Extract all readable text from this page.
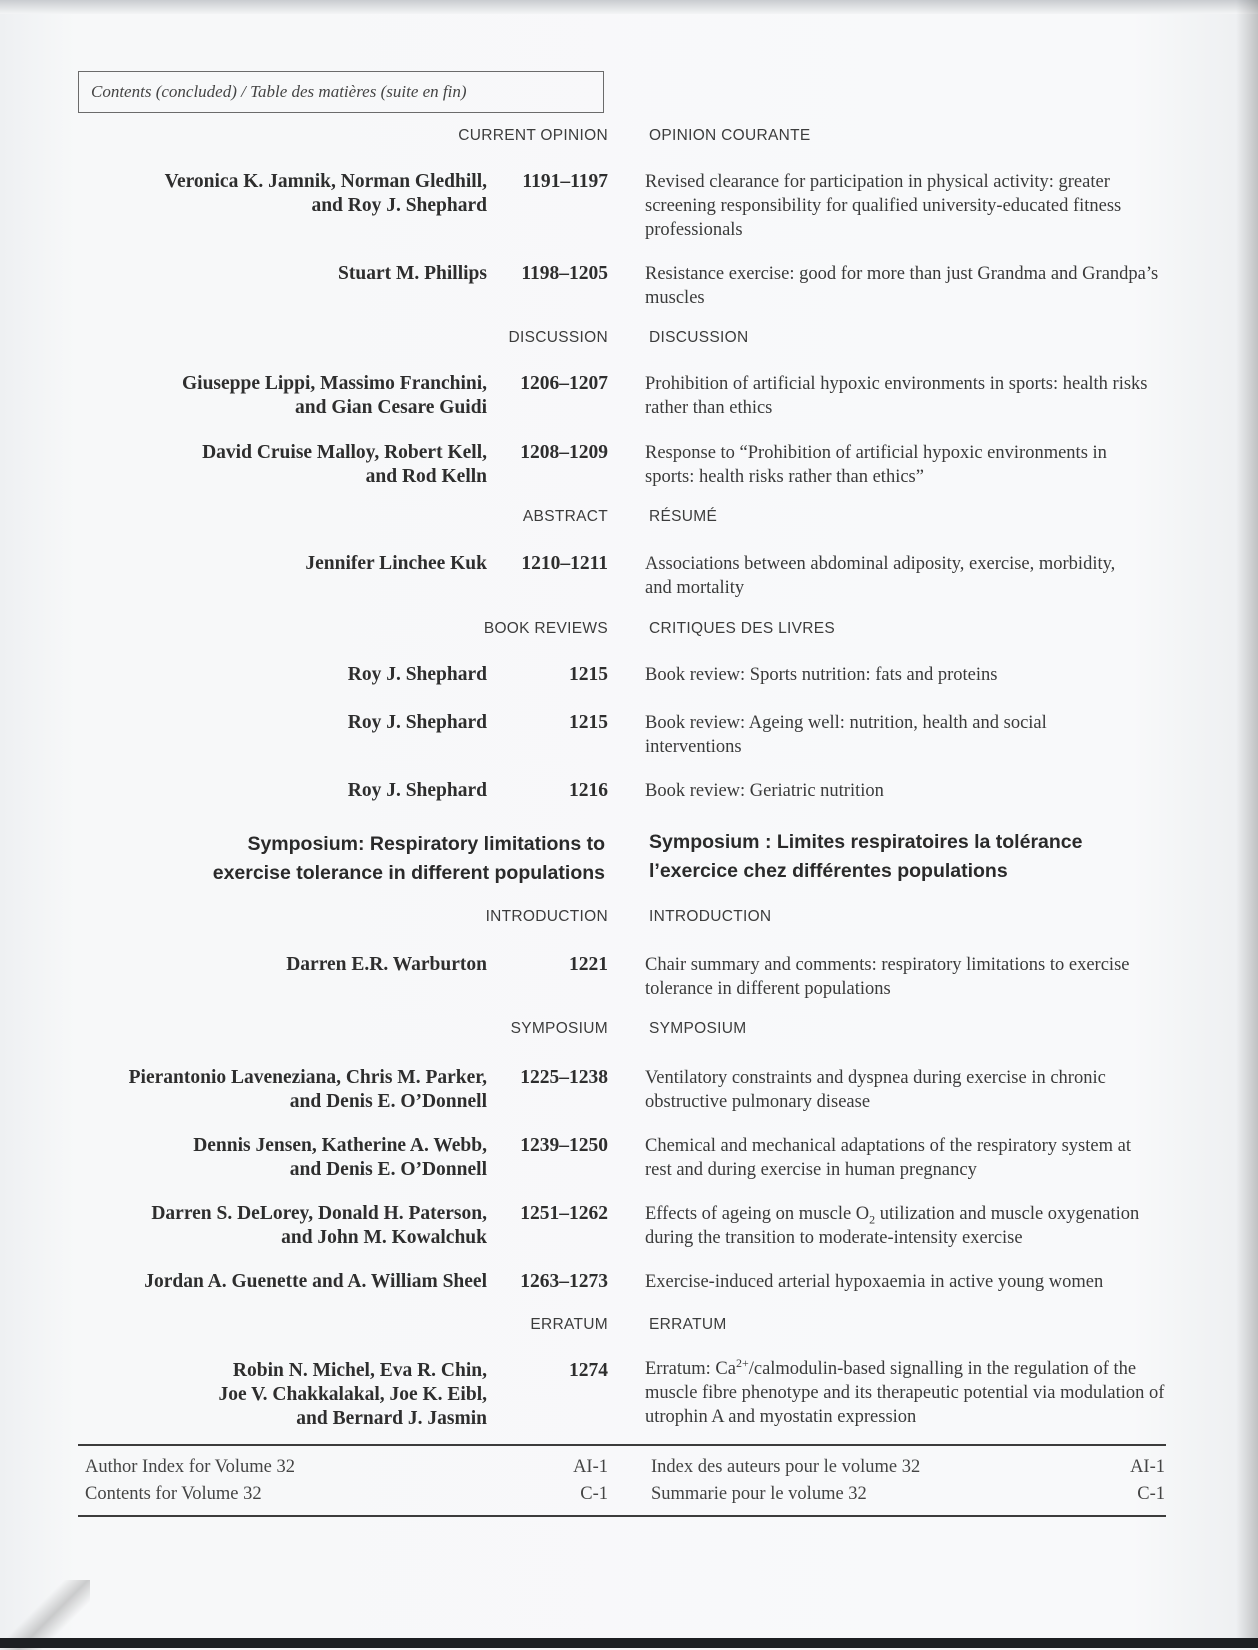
Contents (concluded) / Table des matières (suite en fin)
CURRENT OPINION	OPINION COURANTE
Veronica K. Jamnik, Norman Gledhill,
and Roy J. Shephard
1191–1197 Revised clearance for participation in physical activity: greater screening responsibility for qualified university-educated fitness professionals
Stuart M. Phillips 1198–1205 Resistance exercise: good for more than just Grandma and Grandpa’s muscles
DISCUSSION	DISCUSSION
Giuseppe Lippi, Massimo Franchini,
and Gian Cesare Guidi
1206–1207 Prohibition of artificial hypoxic environments in sports: health risks rather than ethics
David Cruise Malloy, Robert Kell,
and Rod Kelln
1208–1209 Response to “Prohibition of artificial hypoxic environments in sports: health risks rather than ethics”
ABSTRACT	RÉSUMÉ
Jennifer Linchee Kuk 1210–1211 Associations between abdominal adiposity, exercise, morbidity, and mortality
BOOK REVIEWS	CRITIQUES DES LIVRES
Roy J. Shephard	1215 Book review: Sports nutrition: fats and proteins
Roy J. Shephard	1215 Book review: Ageing well: nutrition, health and social interventions
Roy J. Shephard	1216 Book review: Geriatric nutrition
Symposium: Respiratory limitations to
exercise tolerance in different populations
Symposium : Limites respiratoires la tolérance
l’exercice chez différentes populations
INTRODUCTION	INTRODUCTION
Darren E.R. Warburton	1221 Chair summary and comments: respiratory limitations to exercise tolerance in different populations
SYMPOSIUM	SYMPOSIUM
Pierantonio Laveneziana, Chris M. Parker,
and Denis E. O’Donnell
1225–1238 Ventilatory constraints and dyspnea during exercise in chronic obstructive pulmonary disease
Dennis Jensen, Katherine A. Webb,
and Denis E. O’Donnell
1239–1250 Chemical and mechanical adaptations of the respiratory system at rest and during exercise in human pregnancy
Darren S. DeLorey, Donald H. Paterson,
and John M. Kowalchuk
1251–1262 Effects of ageing on muscle $O_2$ utilization and muscle oxygenation during the transition to moderate-intensity exercise
Jordan A. Guenette and A. William Sheel 1263–1273 Exercise-induced arterial hypoxaemia in active young women
ERRATUM	ERRATUM
Robin N. Michel, Eva R. Chin,
Joe V. Chakkalakal, Joe K. Eibl,
and Bernard J. Jasmin
1274 Erratum: $Ca^{2+}/calmodulin$-based signalling in the regulation of the muscle fibre phenotype and its therapeutic potential via modulation of utrophin A and myostatin expression
Author Index for Volume 32	AI-1 Index des auteurs pour le volume 32	AI-1
Contents for Volume 32	C-1 Summarie pour le volume 32	C-1
